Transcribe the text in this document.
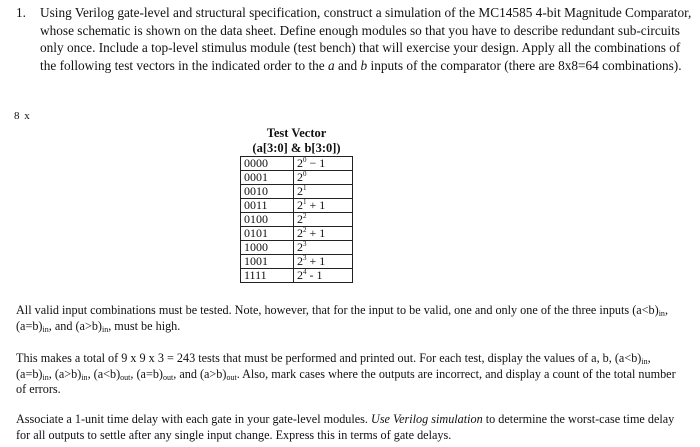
1. Using Verilog gate-level and structural specification, construct a simulation of the MC14585 4-bit Magnitude Comparator, whose schematic is shown on the data sheet. Define enough modules so that you have to describe redundant sub-circuits only once. Include a top-level stimulus module (test bench) that will exercise your design. Apply all the combinations of the following test vectors in the indicated order to the a and b inputs of the comparator (there are 8x8=64 combinations).
8 x
Test Vector	
(a[3:0] & b[3:0])	
0000	$2^0 - 1$
0001	$2^0$
0010	$2^1$
0011	$2^1 + 1$
0100	$2^2$
0101	$2^2 + 1$
1000	$2^3$
1001	$2^3 + 1$
1111	$2^4 - 1$
All valid input combinations must be tested. Note, however, that for the input to be valid, one and only one of the three inputs $(a<b)_{in}$, $(a=b)_{in}$, and $(a>b)_{in}$, must be high.
This makes a total of 9 x 9 x 3 = 243 tests that must be performed and printed out. For each test, display the values of a, b, $(a<b)_{in}$, $(a=b)_{in}$, $(a>b)_{in}$, $(a<b)_{out}$, $(a=b)_{out}$, and $(a>b)_{out}$. Also, mark cases where the outputs are incorrect, and display a count of the total number of errors.
Associate a 1-unit time delay with each gate in your gate-level modules. Use Verilog simulation to determine the worst-case time delay for all outputs to settle after any single input change. Express this in terms of gate delays.
